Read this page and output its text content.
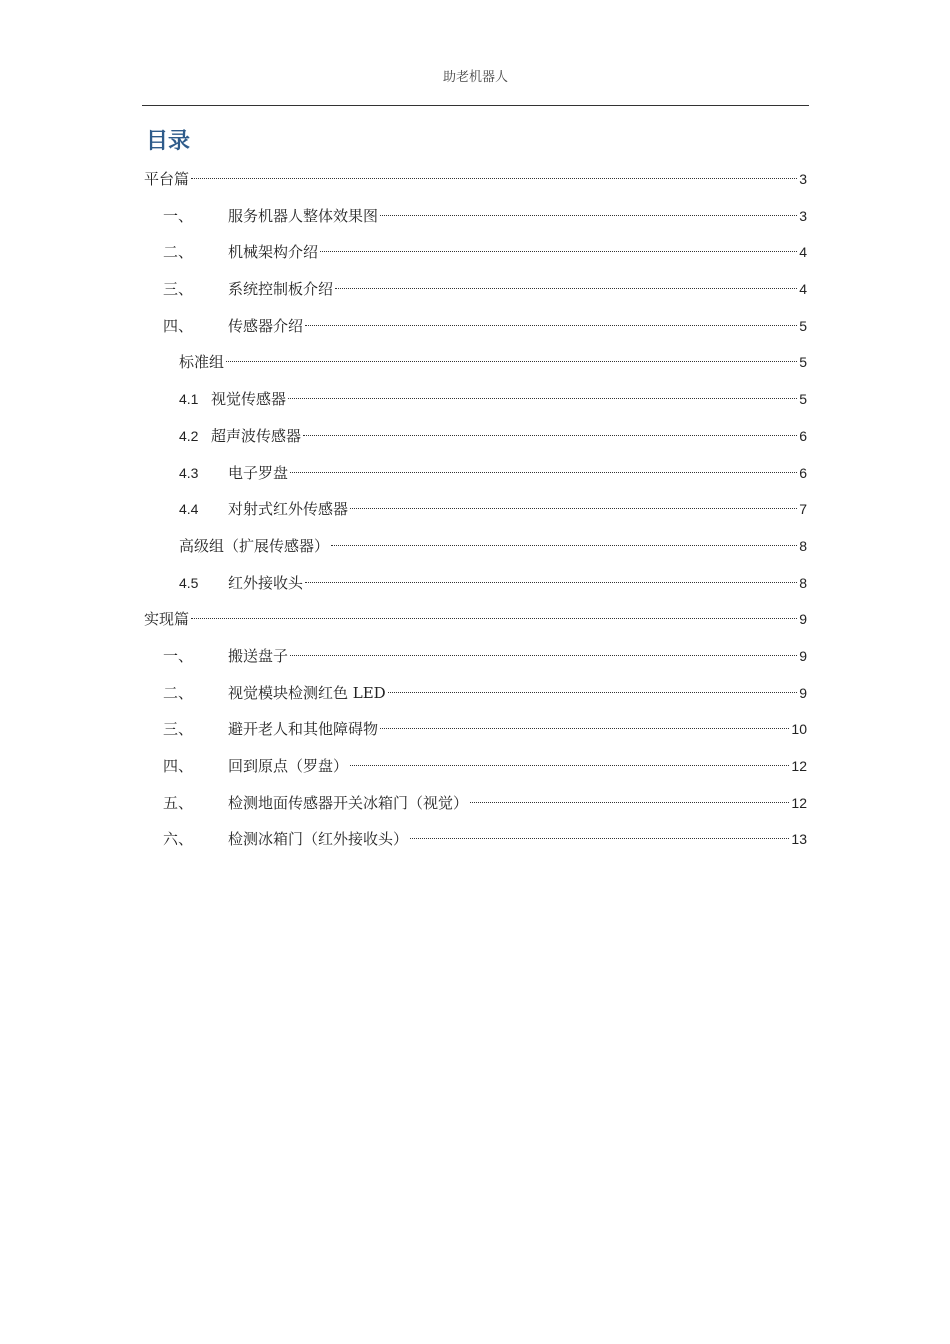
助老机器人
目录
平台篇	3
一、	服务机器人整体效果图	3
二、	机械架构介绍	4
三、	系统控制板介绍	4
四、	传感器介绍	5
标准组	5
4.1 视觉传感器	5
4.2 超声波传感器	6
4.3	电子罗盘	6
4.4	对射式红外传感器	7
高级组（扩展传感器）	8
4.5	红外接收头	8
实现篇	9
一、	搬送盘子	9
二、	视觉模块检测红色 LED	9
三、	避开老人和其他障碍物	10
四、	回到原点（罗盘）	12
五、	检测地面传感器开关冰箱门（视觉）	12
六、	检测冰箱门（红外接收头）	13
